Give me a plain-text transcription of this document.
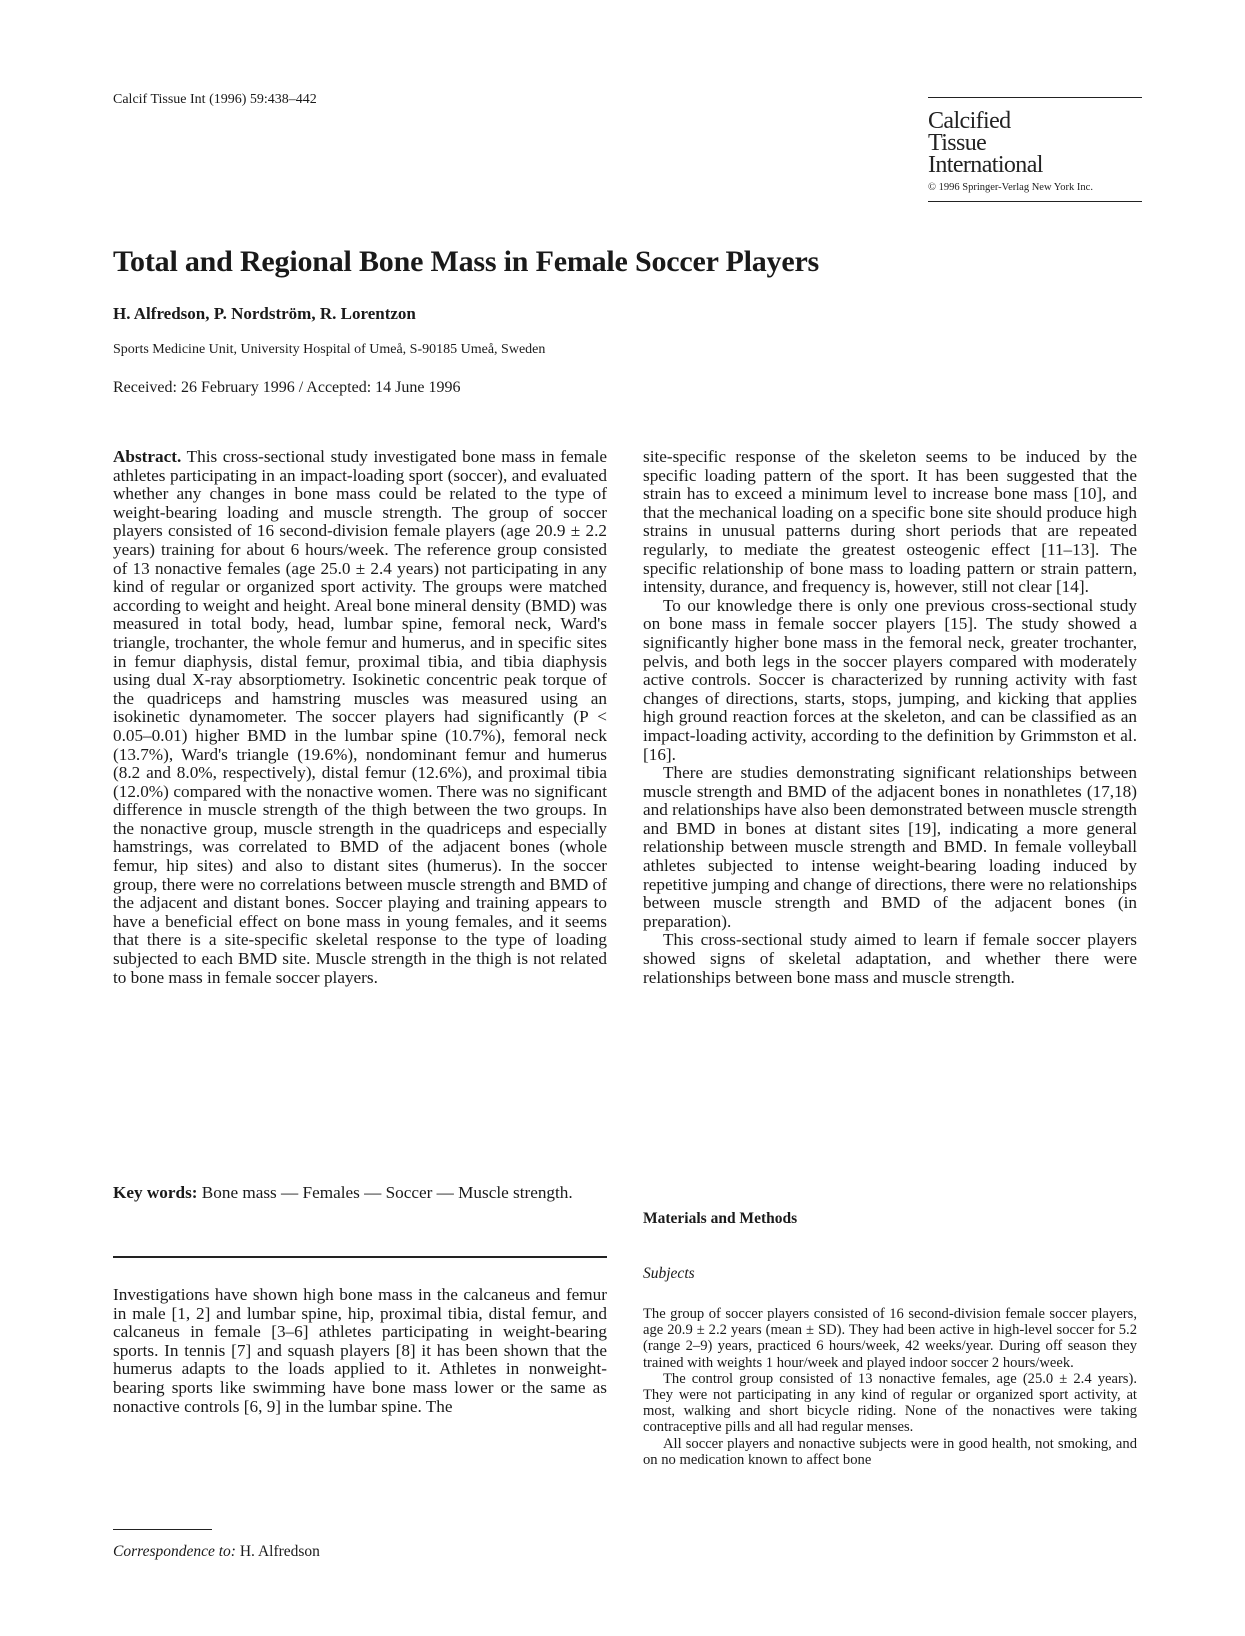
Calcif Tissue Int (1996) 59:438–442
Calcified
Tissue
International
© 1996 Springer-Verlag New York Inc.
Total and Regional Bone Mass in Female Soccer Players
H. Alfredson, P. Nordström, R. Lorentzon
Sports Medicine Unit, University Hospital of Umeå, S-90185 Umeå, Sweden
Received: 26 February 1996 / Accepted: 14 June 1996

Abstract. This cross-sectional study investigated bone mass in female athletes participating in an impact-loading sport (soccer), and evaluated whether any changes in bone mass could be related to the type of weight-bearing loading and muscle strength. The group of soccer players consisted of 16 second-division female players (age 20.9 ± 2.2 years) training for about 6 hours/week. The reference group consisted of 13 nonactive females (age 25.0 ± 2.4 years) not participating in any kind of regular or organized sport activity. The groups were matched according to weight and height. Areal bone mineral density (BMD) was measured in total body, head, lumbar spine, femoral neck, Ward's triangle, trochanter, the whole femur and humerus, and in specific sites in femur diaphysis, distal femur, proximal tibia, and tibia diaphysis using dual X-ray absorptiometry. Isokinetic concentric peak torque of the quadriceps and hamstring muscles was measured using an isokinetic dynamometer. The soccer players had significantly (P < 0.05–0.01) higher BMD in the lumbar spine (10.7%), femoral neck (13.7%), Ward's triangle (19.6%), nondominant femur and humerus (8.2 and 8.0%, respectively), distal femur (12.6%), and proximal tibia (12.0%) compared with the nonactive women. There was no significant difference in muscle strength of the thigh between the two groups. In the nonactive group, muscle strength in the quadriceps and especially hamstrings, was correlated to BMD of the adjacent bones (whole femur, hip sites) and also to distant sites (humerus). In the soccer group, there were no correlations between muscle strength and BMD of the adjacent and distant bones. Soccer playing and training appears to have a beneficial effect on bone mass in young females, and it seems that there is a site-specific skeletal response to the type of loading subjected to each BMD site. Muscle strength in the thigh is not related to bone mass in female soccer players.

Key words: Bone mass — Females — Soccer — Muscle strength.

Investigations have shown high bone mass in the calcaneus and femur in male [1, 2] and lumbar spine, hip, proximal tibia, distal femur, and calcaneus in female [3–6] athletes participating in weight-bearing sports. In tennis [7] and squash players [8] it has been shown that the humerus adapts to the loads applied to it. Athletes in nonweight-bearing sports like swimming have bone mass lower or the same as nonactive controls [6, 9] in the lumbar spine. The

Correspondence to: H. Alfredson

site-specific response of the skeleton seems to be induced by the specific loading pattern of the sport. It has been suggested that the strain has to exceed a minimum level to increase bone mass [10], and that the mechanical loading on a specific bone site should produce high strains in unusual patterns during short periods that are repeated regularly, to mediate the greatest osteogenic effect [11–13]. The specific relationship of bone mass to loading pattern or strain pattern, intensity, durance, and frequency is, however, still not clear [14].

To our knowledge there is only one previous cross-sectional study on bone mass in female soccer players [15]. The study showed a significantly higher bone mass in the femoral neck, greater trochanter, pelvis, and both legs in the soccer players compared with moderately active controls. Soccer is characterized by running activity with fast changes of directions, starts, stops, jumping, and kicking that applies high ground reaction forces at the skeleton, and can be classified as an impact-loading activity, according to the definition by Grimmston et al. [16].

There are studies demonstrating significant relationships between muscle strength and BMD of the adjacent bones in nonathletes (17,18) and relationships have also been demonstrated between muscle strength and BMD in bones at distant sites [19], indicating a more general relationship between muscle strength and BMD. In female volleyball athletes subjected to intense weight-bearing loading induced by repetitive jumping and change of directions, there were no relationships between muscle strength and BMD of the adjacent bones (in preparation).

This cross-sectional study aimed to learn if female soccer players showed signs of skeletal adaptation, and whether there were relationships between bone mass and muscle strength.

Materials and Methods
Subjects

The group of soccer players consisted of 16 second-division female soccer players, age 20.9 ± 2.2 years (mean ± SD). They had been active in high-level soccer for 5.2 (range 2–9) years, practiced 6 hours/week, 42 weeks/year. During off season they trained with weights 1 hour/week and played indoor soccer 2 hours/week.

The control group consisted of 13 nonactive females, age (25.0 ± 2.4 years). They were not participating in any kind of regular or organized sport activity, at most, walking and short bicycle riding. None of the nonactives were taking contraceptive pills and all had regular menses.

All soccer players and nonactive subjects were in good health, not smoking, and on no medication known to affect bone
